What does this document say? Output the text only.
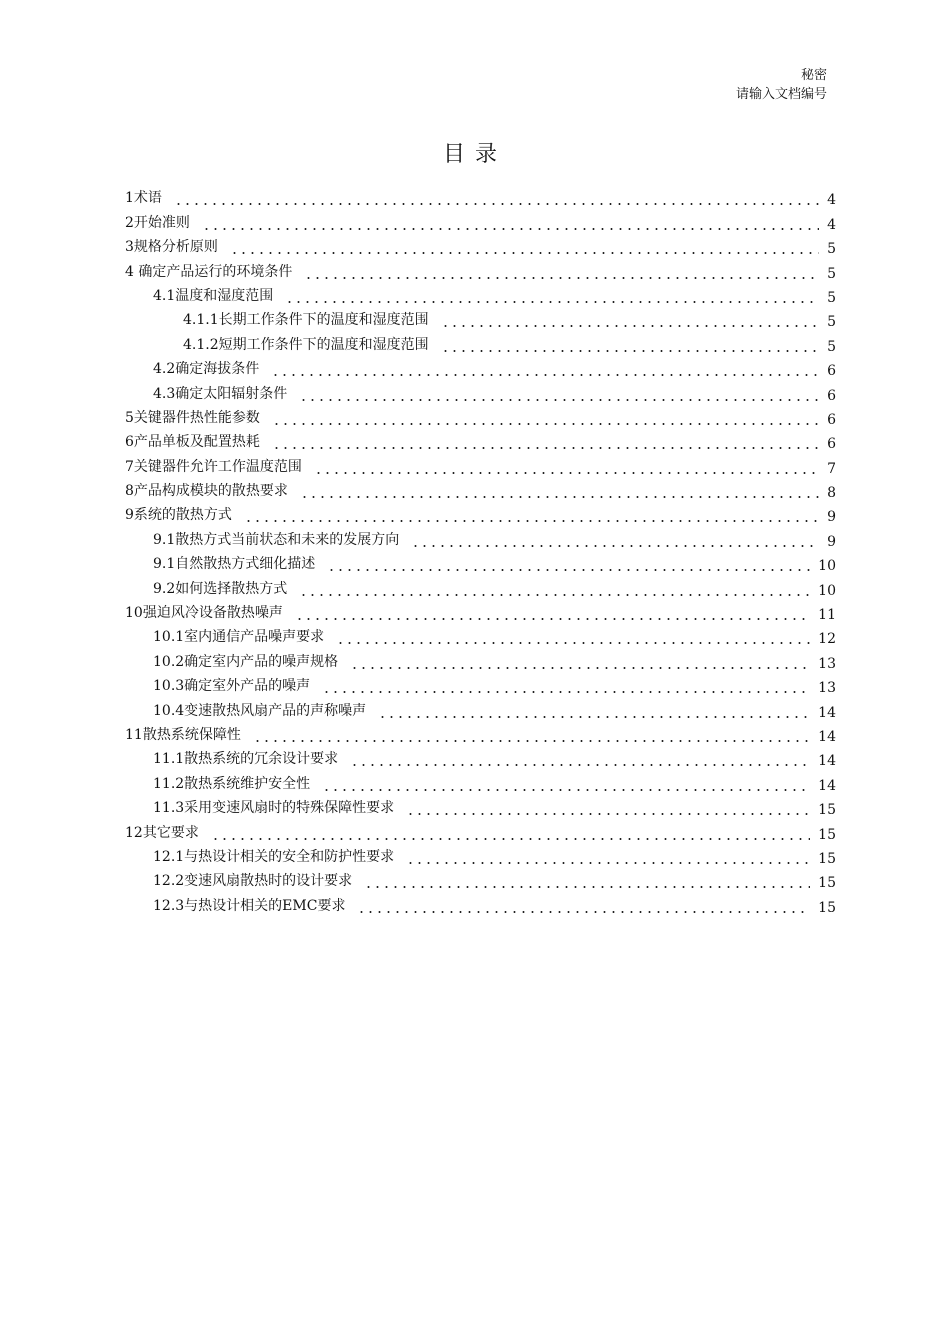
秘密
请输入文档编号
目录
1术语	4
2开始准则	4
3规格分析原则	5
4 确定产品运行的环境条件	5
4.1温度和湿度范围	5
4.1.1长期工作条件下的温度和湿度范围	5
4.1.2短期工作条件下的温度和湿度范围	5
4.2确定海拔条件	6
4.3确定太阳辐射条件	6
5关键器件热性能参数	6
6产品单板及配置热耗	6
7关键器件允许工作温度范围	7
8产品构成模块的散热要求	8
9系统的散热方式	9
9.1散热方式当前状态和未来的发展方向	9
9.1自然散热方式细化描述	10
9.2如何选择散热方式	10
10强迫风冷设备散热噪声	11
10.1室内通信产品噪声要求	12
10.2确定室内产品的噪声规格	13
10.3确定室外产品的噪声	13
10.4变速散热风扇产品的声称噪声	14
11散热系统保障性	14
11.1散热系统的冗余设计要求	14
11.2散热系统维护安全性	14
11.3采用变速风扇时的特殊保障性要求	15
12其它要求	15
12.1与热设计相关的安全和防护性要求	15
12.2变速风扇散热时的设计要求	15
12.3与热设计相关的EMC要求	15
